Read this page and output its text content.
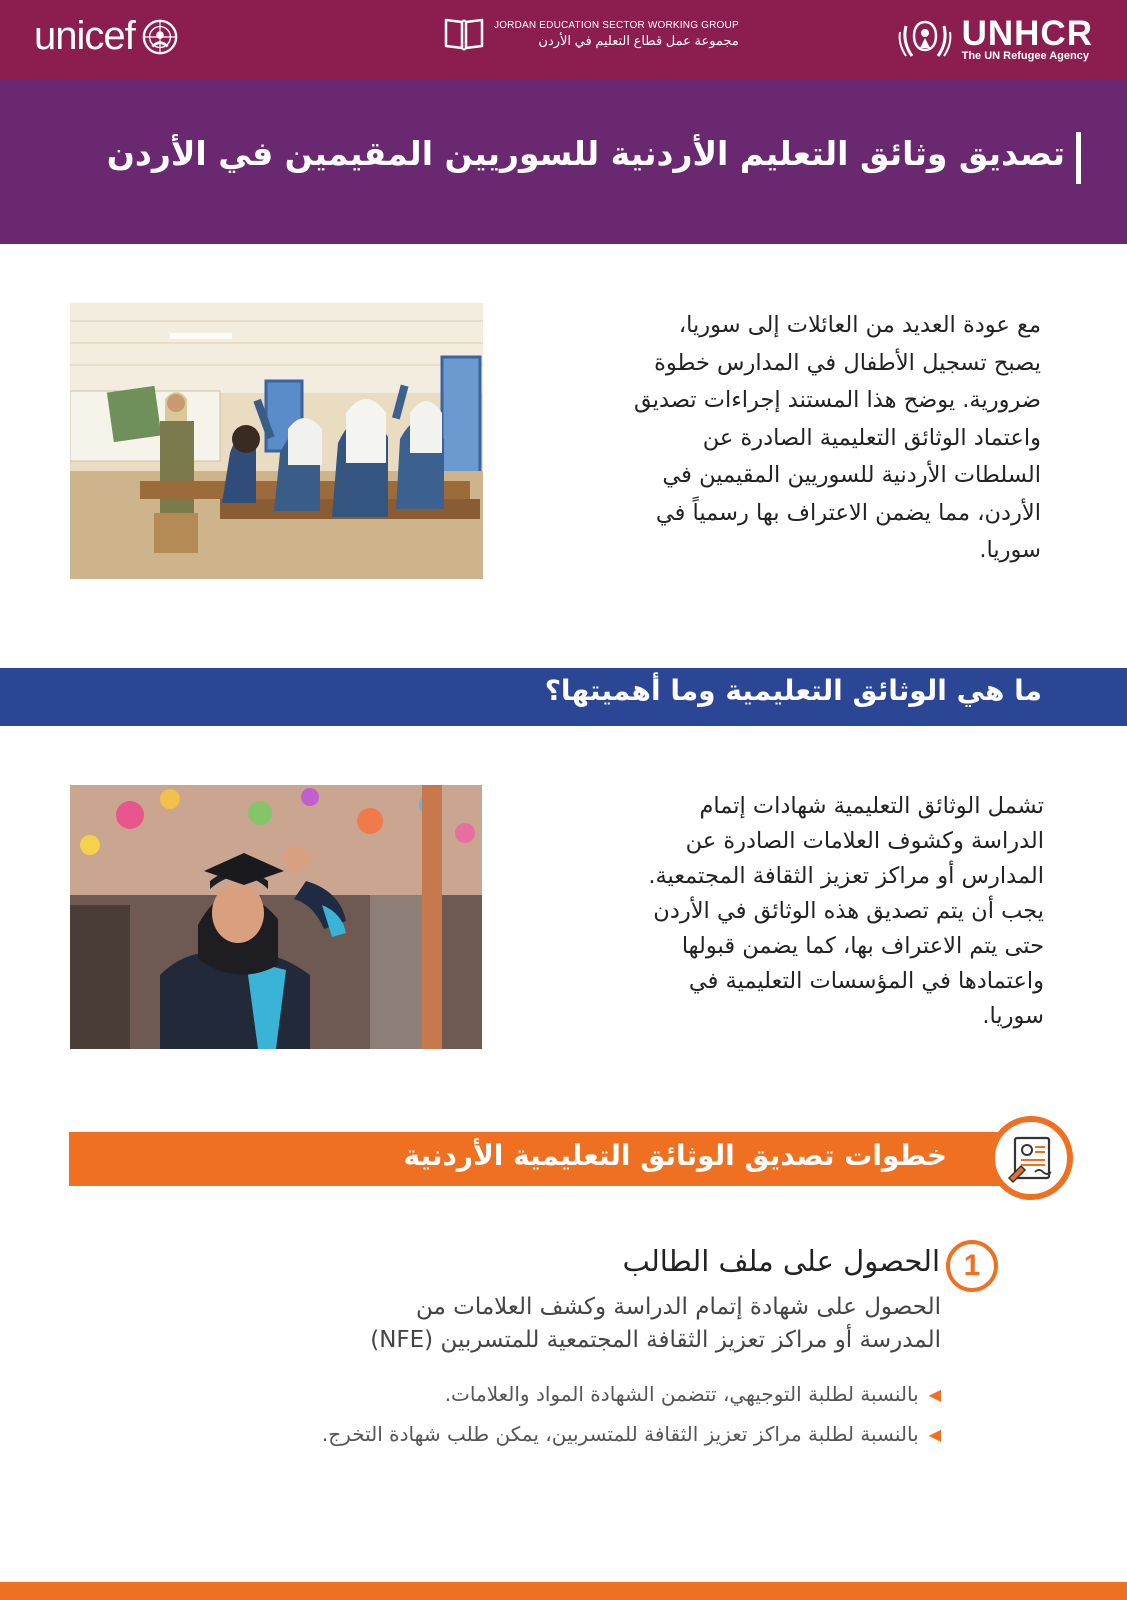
unicef	JORDAN EDUCATION SECTOR WORKING GROUP
مجموعة عمل قطاع التعليم في الأردن	UNHCR
The UN Refugee Agency
تصديق وثائق التعليم الأردنية للسوريين المقيمين في الأردن
مع عودة العديد من العائلات إلى سوريا،
يصبح تسجيل الأطفال في المدارس خطوة
ضرورية. يوضح هذا المستند إجراءات تصديق
واعتماد الوثائق التعليمية الصادرة عن
السلطات الأردنية للسوريين المقيمين في
الأردن، مما يضمن الاعتراف بها رسمياً في
سوريا.
ما هي الوثائق التعليمية وما أهميتها؟
تشمل الوثائق التعليمية شهادات إتمام
الدراسة وكشوف العلامات الصادرة عن
المدارس أو مراكز تعزيز الثقافة المجتمعية.
يجب أن يتم تصديق هذه الوثائق في الأردن
حتى يتم الاعتراف بها، كما يضمن قبولها
واعتمادها في المؤسسات التعليمية في
سوريا.
خطوات تصديق الوثائق التعليمية الأردنية
1
الحصول على ملف الطالب
الحصول على شهادة إتمام الدراسة وكشف العلامات من
المدرسة أو مراكز تعزيز الثقافة المجتمعية للمتسربين (NFE)
◀
بالنسبة لطلبة التوجيهي، تتضمن الشهادة المواد والعلامات.
◀
بالنسبة لطلبة مراكز تعزيز الثقافة للمتسربين، يمكن طلب شهادة التخرج.
